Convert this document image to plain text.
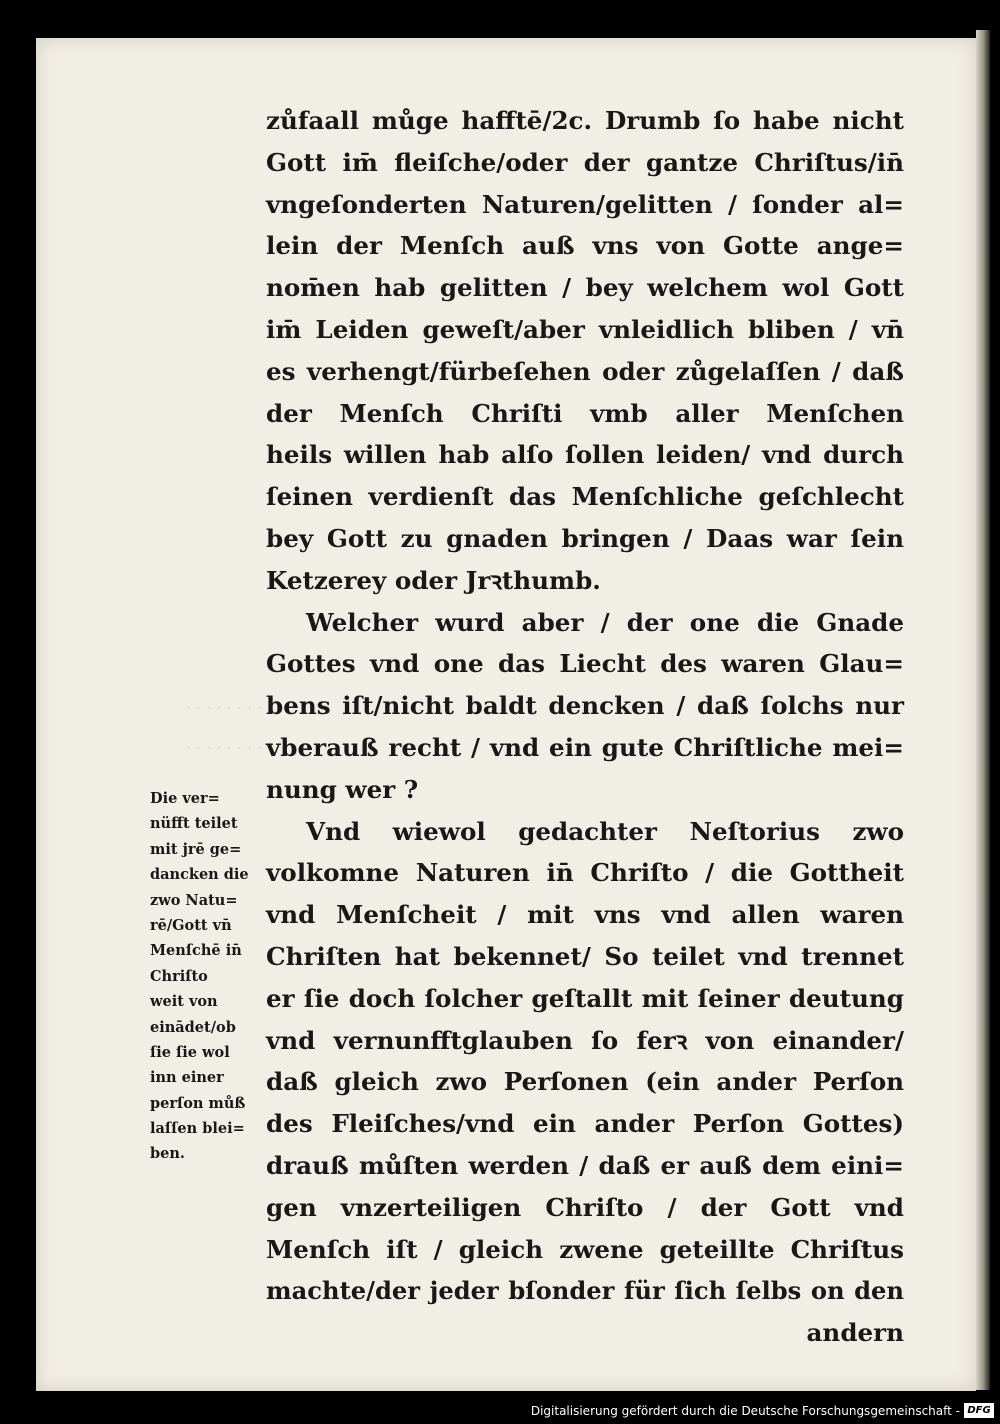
· · · · · · · · · ·
· · · · · · · ·
zůfaall můge hafftē/2c. Drumb ſo habe nicht
Gott im̄ fleiſche/oder der gantze Chriſtus/in̄
vngeſonderten Naturen/gelitten / ſonder al=
lein der Menſch auß vns von Gotte ange=
nom̄en hab gelitten / bey welchem wol Gott
im̄ Leiden geweſt/aber vnleidlich bliben / vn̄
es verhengt/fürbeſehen oder zůgelaſſen / daß
der Menſch Chriſti vmb aller Menſchen
heils willen hab alſo ſollen leiden/ vnd durch
ſeinen verdienſt das Menſchliche geſchlecht
bey Gott zu gnaden bringen / Daas war ſein
Ketzerey oder Jrꝛthumb.
Welcher wurd aber / der one die Gnade
Gottes vnd one das Liecht des waren Glau=
bens iſt/nicht baldt dencken / daß ſolchs nur
vberauß recht / vnd ein gute Chriſtliche mei=
nung wer ?
Vnd wiewol gedachter Neſtorius zwo
volkomne Naturen in̄ Chriſto / die Gottheit
vnd Menſcheit / mit vns vnd allen waren
Chriſten hat bekennet/ So teilet vnd trennet
er ſie doch ſolcher geſtallt mit ſeiner deutung
vnd vernunfftglauben ſo ferꝛ von einander/
daß gleich zwo Perſonen (ein ander Perſon
des Fleiſches/vnd ein ander Perſon Gottes)
drauß můſten werden / daß er auß dem eini=
gen vnzerteiligen Chriſto / der Gott vnd
Menſch iſt / gleich zwene geteillte Chriſtus
machte/der jeder bſonder für ſich ſelbs on den
andern
Die ver=
nüfft teilet
mit jrē ge=
dancken die
zwo Natu=
rē/Gott vn̄
Menſchē in̄
Chriſto
weit von
einādet/ob
ſie ſie wol
inn einer
perſon můß
laſſen blei=
ben.
Digitalisierung gefördert durch die Deutsche Forschungsgemeinschaft - DFG
